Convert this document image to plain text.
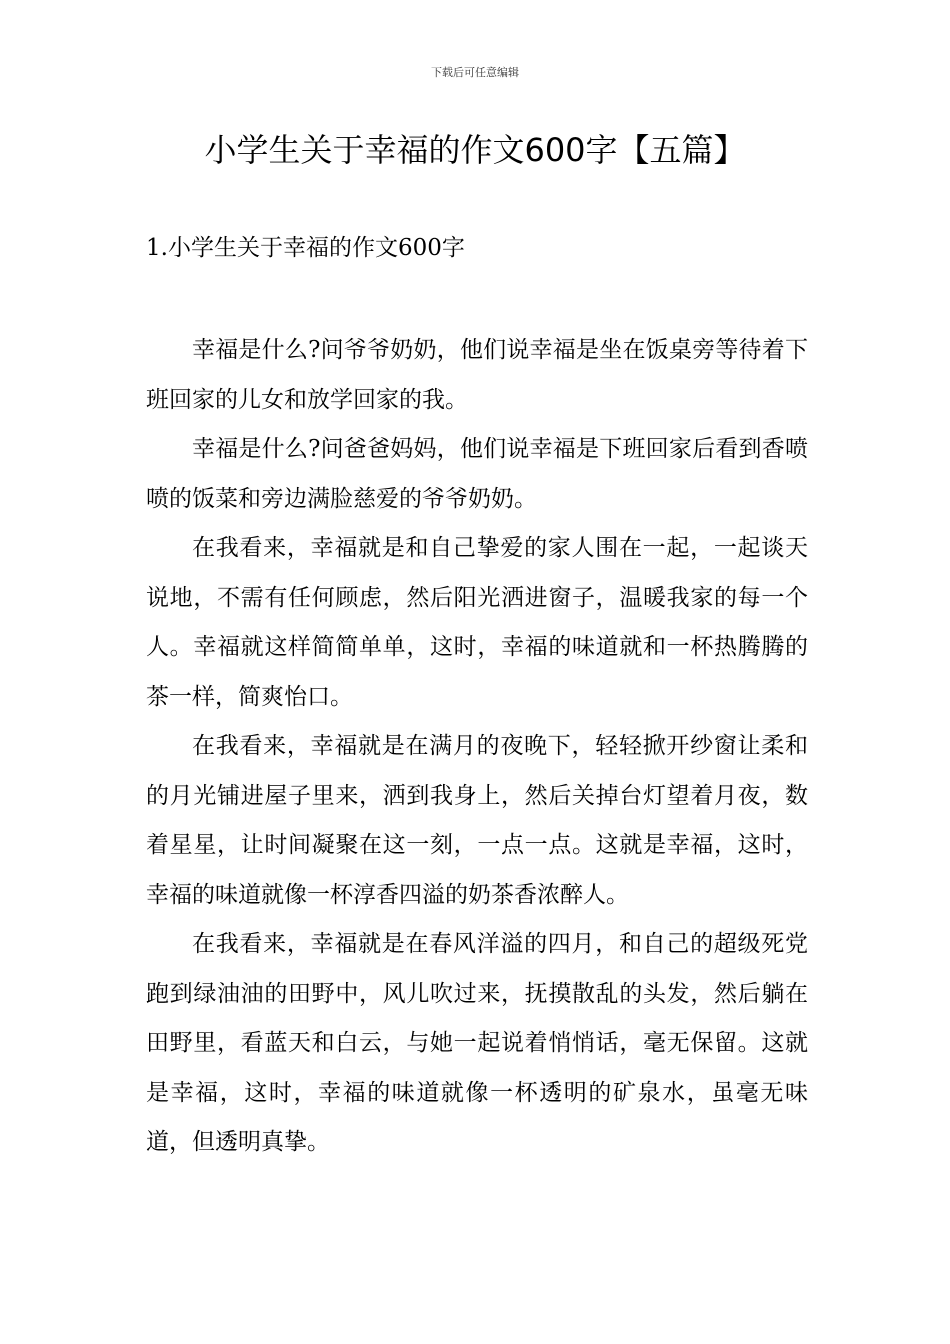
下载后可任意编辑
小学生关于幸福的作文600字【五篇】
1.小学生关于幸福的作文600字

幸福是什么?问爷爷奶奶，他们说幸福是坐在饭桌旁等待着下班回家的儿女和放学回家的我。

幸福是什么?问爸爸妈妈，他们说幸福是下班回家后看到香喷喷的饭菜和旁边满脸慈爱的爷爷奶奶。

在我看来，幸福就是和自己挚爱的家人围在一起，一起谈天说地，不需有任何顾虑，然后阳光洒进窗子，温暖我家的每一个人。幸福就这样简简单单，这时，幸福的味道就和一杯热腾腾的茶一样，简爽怡口。

在我看来，幸福就是在满月的夜晚下，轻轻掀开纱窗让柔和的月光铺进屋子里来，洒到我身上，然后关掉台灯望着月夜，数着星星，让时间凝聚在这一刻，一点一点。这就是幸福，这时，幸福的味道就像一杯淳香四溢的奶茶香浓醉人。

在我看来，幸福就是在春风洋溢的四月，和自己的超级死党跑到绿油油的田野中，风儿吹过来，抚摸散乱的头发，然后躺在田野里，看蓝天和白云，与她一起说着悄悄话，毫无保留。这就是幸福，这时，幸福的味道就像一杯透明的矿泉水，虽毫无味道，但透明真挚。
